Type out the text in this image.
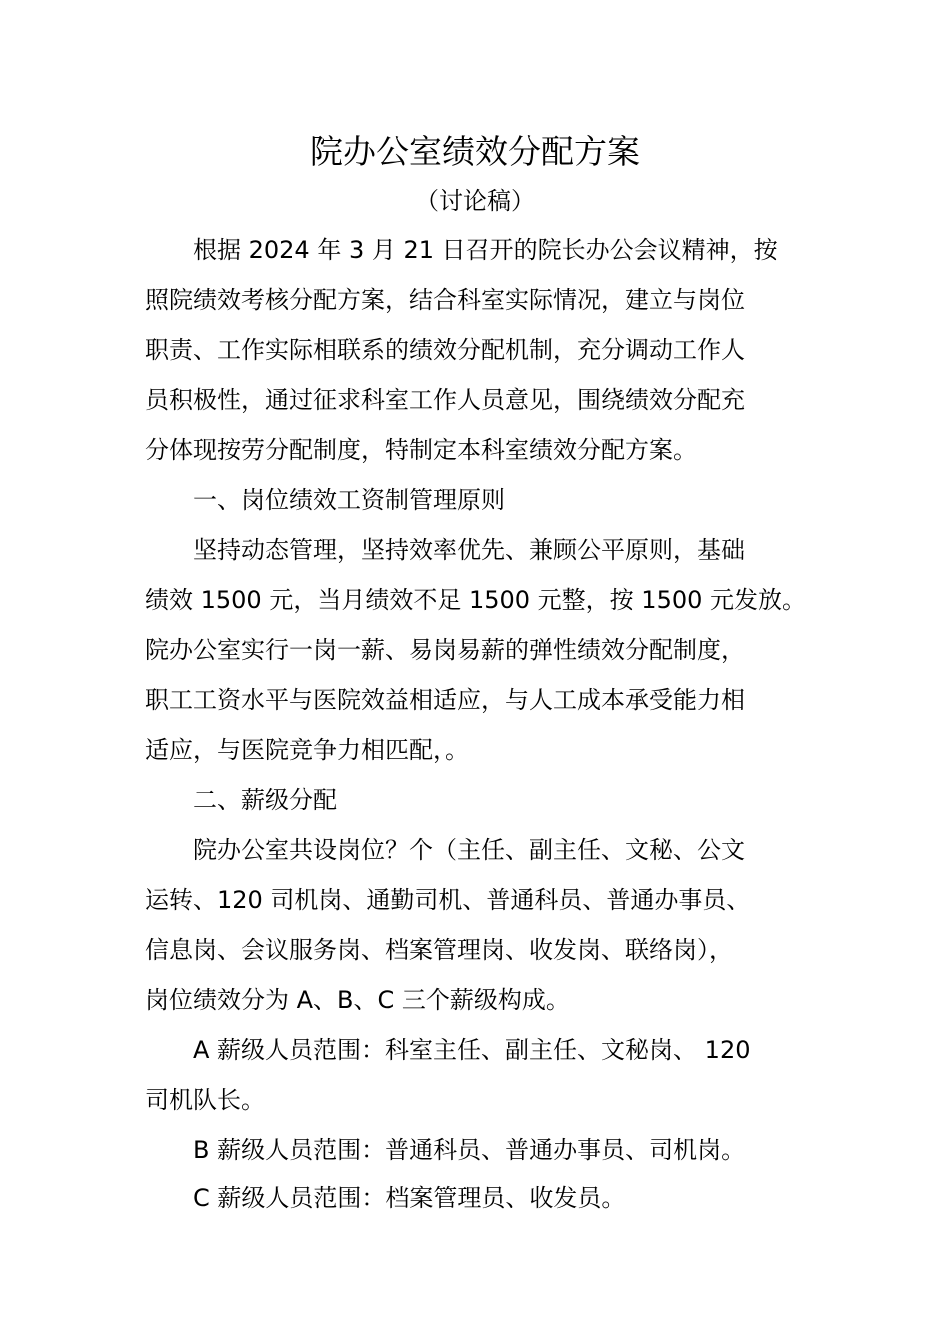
院办公室绩效分配方案
（讨论稿）
根据 2024 年 3 月 21 日召开的院长办公会议精神，按
照院绩效考核分配方案，结合科室实际情况，建立与岗位
职责、工作实际相联系的绩效分配机制，充分调动工作人
员积极性，通过征求科室工作人员意见，围绕绩效分配充
分体现按劳分配制度，特制定本科室绩效分配方案。
一、岗位绩效工资制管理原则
坚持动态管理，坚持效率优先、兼顾公平原则，基础
绩效 1500 元，当月绩效不足 1500 元整，按 1500 元发放。
院办公室实行一岗一薪、易岗易薪的弹性绩效分配制度，
职工工资水平与医院效益相适应，与人工成本承受能力相
适应，与医院竞争力相匹配，。
二、薪级分配
院办公室共设岗位？个（主任、副主任、文秘、公文
运转、120 司机岗、通勤司机、普通科员、普通办事员、
信息岗、会议服务岗、档案管理岗、收发岗、联络岗），
岗位绩效分为 A、B、C 三个薪级构成。
A 薪级人员范围：科室主任、副主任、文秘岗、 120
司机队长。
B 薪级人员范围：普通科员、普通办事员、司机岗。
C 薪级人员范围：档案管理员、收发员。
